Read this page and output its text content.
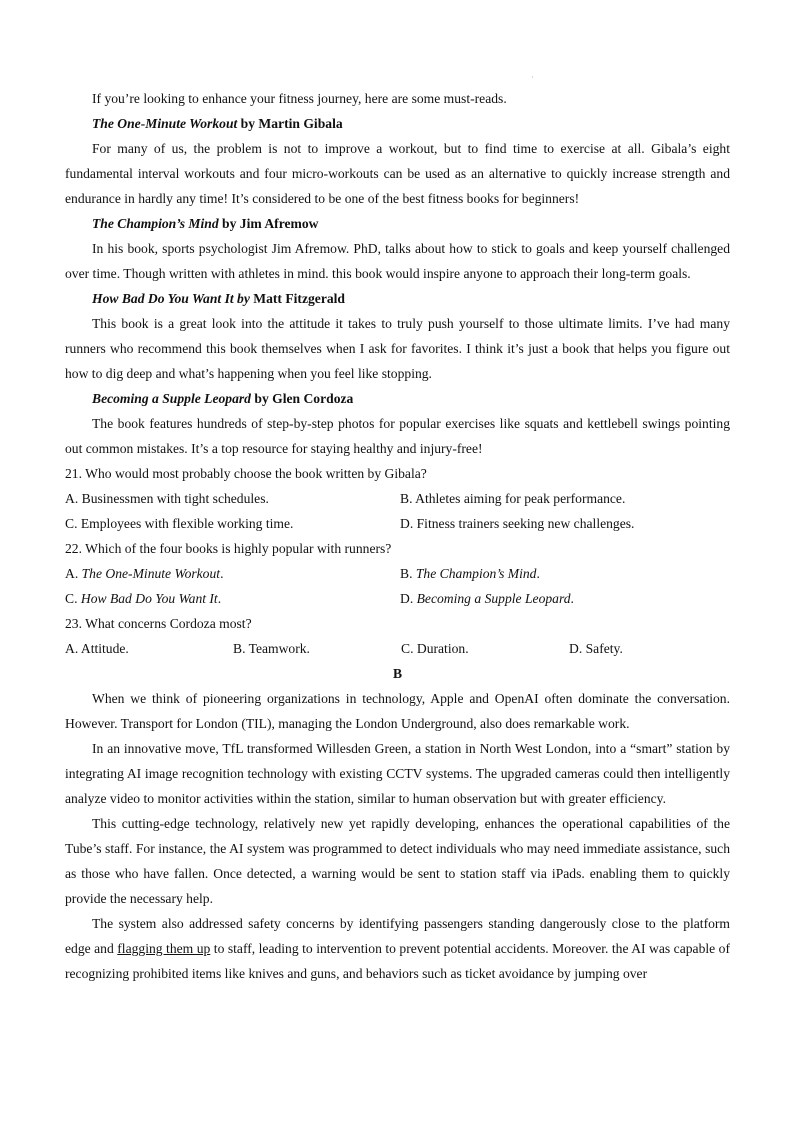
·

If you’re looking to enhance your fitness journey, here are some must-reads.

The One-Minute Workout by Martin Gibala

For many of us, the problem is not to improve a workout, but to find time to exercise at all. Gibala’s eight fundamental interval workouts and four micro-workouts can be used as an alternative to quickly increase strength and endurance in hardly any time! It’s considered to be one of the best fitness books for beginners!

The Champion’s Mind by Jim Afremow

In his book, sports psychologist Jim Afremow. PhD, talks about how to stick to goals and keep yourself challenged over time. Though written with athletes in mind. this book would inspire anyone to approach their long-term goals.

How Bad Do You Want It by Matt Fitzgerald

This book is a great look into the attitude it takes to truly push yourself to those ultimate limits. I’ve had many runners who recommend this book themselves when I ask for favorites. I think it’s just a book that helps you figure out how to dig deep and what’s happening when you feel like stopping.

Becoming a Supple Leopard by Glen Cordoza

The book features hundreds of step-by-step photos for popular exercises like squats and kettlebell swings pointing out common mistakes. It’s a top resource for staying healthy and injury-free!

21. Who would most probably choose the book written by Gibala?

A. Businessmen with tight schedules.	B. Athletes aiming for peak performance.
C. Employees with flexible working time.	D. Fitness trainers seeking new challenges.

22. Which of the four books is highly popular with runners?

A. The One-Minute Workout.	B. The Champion’s Mind.
C. How Bad Do You Want It.	D. Becoming a Supple Leopard.

23. What concerns Cordoza most?

A. Attitude.	B. Teamwork.	C. Duration.	D. Safety.

B

When we think of pioneering organizations in technology, Apple and OpenAI often dominate the conversation. However. Transport for London (TIL), managing the London Underground, also does remarkable work.

In an innovative move, TfL transformed Willesden Green, a station in North West London, into a “smart” station by integrating AI image recognition technology with existing CCTV systems. The upgraded cameras could then intelligently analyze video to monitor activities within the station, similar to human observation but with greater efficiency.

This cutting-edge technology, relatively new yet rapidly developing, enhances the operational capabilities of the Tube’s staff. For instance, the AI system was programmed to detect individuals who may need immediate assistance, such as those who have fallen. Once detected, a warning would be sent to station staff via iPads. enabling them to quickly provide the necessary help.

The system also addressed safety concerns by identifying passengers standing dangerously close to the platform edge and flagging them up to staff, leading to intervention to prevent potential accidents. Moreover. the AI was capable of recognizing prohibited items like knives and guns, and behaviors such as ticket avoidance by jumping over
